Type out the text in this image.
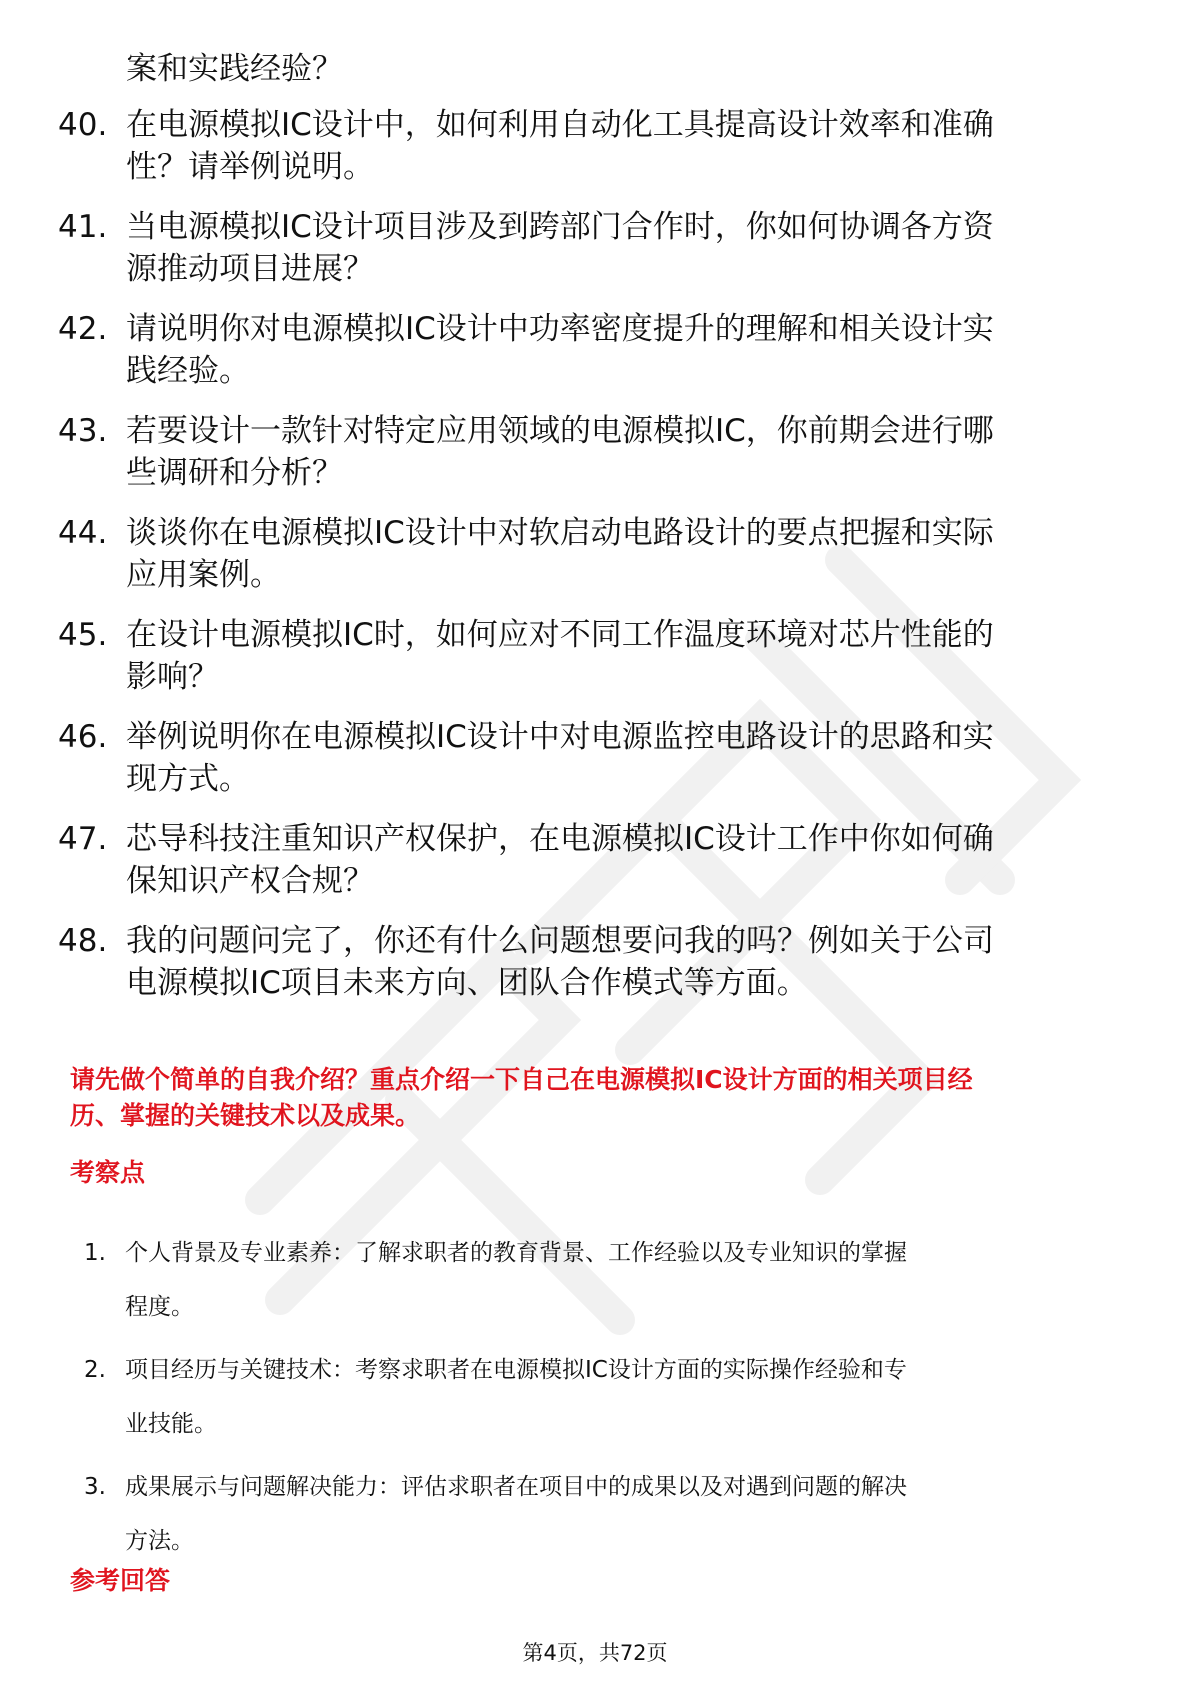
案和实践经验？
40. 在电源模拟IC设计中，如何利用自动化工具提高设计效率和准确
性？请举例说明。
41. 当电源模拟IC设计项目涉及到跨部门合作时，你如何协调各方资
源推动项目进展？
42. 请说明你对电源模拟IC设计中功率密度提升的理解和相关设计实
践经验。
43. 若要设计一款针对特定应用领域的电源模拟IC，你前期会进行哪
些调研和分析？
44. 谈谈你在电源模拟IC设计中对软启动电路设计的要点把握和实际
应用案例。
45. 在设计电源模拟IC时，如何应对不同工作温度环境对芯片性能的
影响？
46. 举例说明你在电源模拟IC设计中对电源监控电路设计的思路和实
现方式。
47. 芯导科技注重知识产权保护，在电源模拟IC设计工作中你如何确
保知识产权合规？
48. 我的问题问完了，你还有什么问题想要问我的吗？例如关于公司
电源模拟IC项目未来方向、团队合作模式等方面。
请先做个简单的自我介绍？重点介绍一下自己在电源模拟IC设计方面的相关项目经
历、掌握的关键技术以及成果。
考察点
1. 个人背景及专业素养：了解求职者的教育背景、工作经验以及专业知识的掌握
程度。
2. 项目经历与关键技术：考察求职者在电源模拟IC设计方面的实际操作经验和专
业技能。
3. 成果展示与问题解决能力：评估求职者在项目中的成果以及对遇到问题的解决
方法。
参考回答
第4页，共72页
